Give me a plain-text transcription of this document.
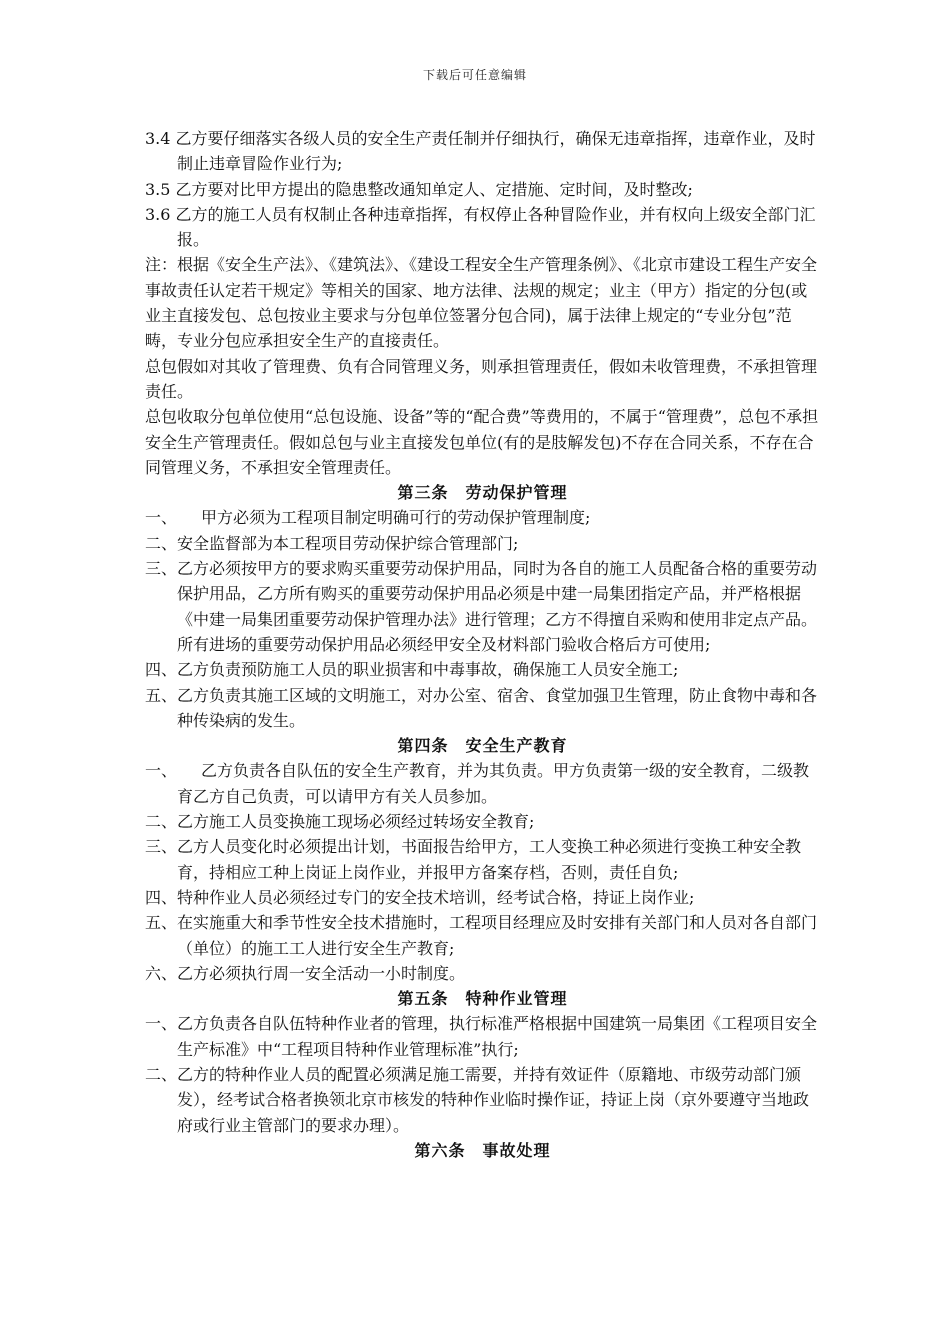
下载后可任意编辑

3.4 乙方要仔细落实各级人员的安全生产责任制并仔细执行，确保无违章指挥，违章作业，及时制止违章冒险作业行为;

3.5 乙方要对比甲方提出的隐患整改通知单定人、定措施、定时间，及时整改;

3.6 乙方的施工人员有权制止各种违章指挥，有权停止各种冒险作业，并有权向上级安全部门汇报。

注：根据《安全生产法》、《建筑法》、《建设工程安全生产管理条例》、《北京市建设工程生产安全事故责任认定若干规定》等相关的国家、地方法律、法规的规定；业主（甲方）指定的分包(或业主直接发包、总包按业主要求与分包单位签署分包合同)，属于法律上规定的“专业分包”范畴，专业分包应承担安全生产的直接责任。

总包假如对其收了管理费、负有合同管理义务，则承担管理责任，假如未收管理费，不承担管理责任。

总包收取分包单位使用“总包设施、设备”等的“配合费”等费用的，不属于“管理费”，总包不承担安全生产管理责任。假如总包与业主直接发包单位(有的是肢解发包)不存在合同关系，不存在合同管理义务，不承担安全管理责任。

第三条　劳动保护管理

一、　　甲方必须为工程项目制定明确可行的劳动保护管理制度;

二、安全监督部为本工程项目劳动保护综合管理部门;

三、乙方必须按甲方的要求购买重要劳动保护用品，同时为各自的施工人员配备合格的重要劳动保护用品，乙方所有购买的重要劳动保护用品必须是中建一局集团指定产品，并严格根据《中建一局集团重要劳动保护管理办法》进行管理；乙方不得擅自采购和使用非定点产品。所有进场的重要劳动保护用品必须经甲安全及材料部门验收合格后方可使用;

四、乙方负责预防施工人员的职业损害和中毒事故，确保施工人员安全施工;

五、乙方负责其施工区域的文明施工，对办公室、宿舍、食堂加强卫生管理，防止食物中毒和各种传染病的发生。

第四条　安全生产教育

一、　　乙方负责各自队伍的安全生产教育，并为其负责。甲方负责第一级的安全教育，二级教育乙方自己负责，可以请甲方有关人员参加。

二、乙方施工人员变换施工现场必须经过转场安全教育;

三、乙方人员变化时必须提出计划，书面报告给甲方，工人变换工种必须进行变换工种安全教育，持相应工种上岗证上岗作业，并报甲方备案存档，否则，责任自负;

四、特种作业人员必须经过专门的安全技术培训，经考试合格，持证上岗作业;

五、在实施重大和季节性安全技术措施时，工程项目经理应及时安排有关部门和人员对各自部门（单位）的施工工人进行安全生产教育;

六、乙方必须执行周一安全活动一小时制度。

第五条　特种作业管理

一、乙方负责各自队伍特种作业者的管理，执行标准严格根据中国建筑一局集团《工程项目安全生产标准》中“工程项目特种作业管理标准”执行;

二、乙方的特种作业人员的配置必须满足施工需要，并持有效证件（原籍地、市级劳动部门颁发），经考试合格者换领北京市核发的特种作业临时操作证，持证上岗（京外要遵守当地政府或行业主管部门的要求办理）。

第六条　事故处理
